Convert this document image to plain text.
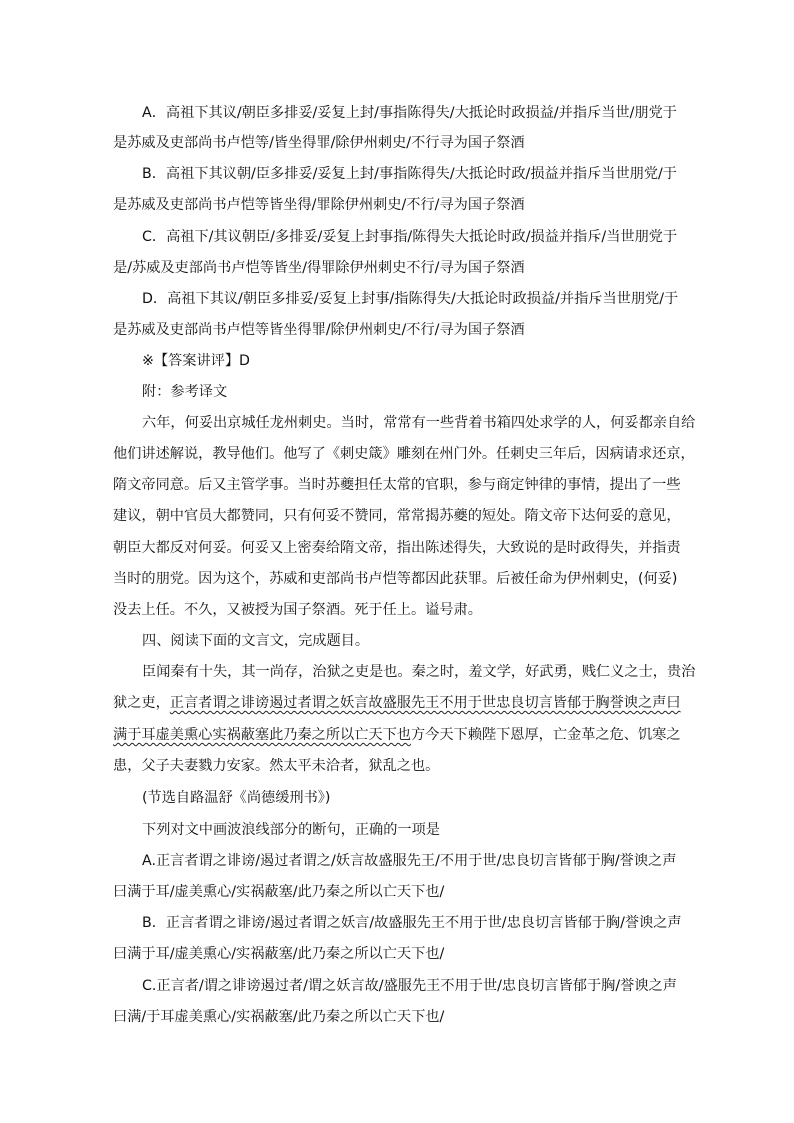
A．高祖下其议/朝臣多排妥/妥复上封/事指陈得失/大抵论时政损益/并指斥当世/朋党于
是苏威及吏部尚书卢恺等/皆坐得罪/除伊州刺史/不行寻为国子祭酒
B．高祖下其议朝/臣多排妥/妥复上封/事指陈得失/大抵论时政/损益并指斥当世朋党/于
是苏威及吏部尚书卢恺等皆坐得/罪除伊州刺史/不行/寻为国子祭酒
C．高祖下/其议朝臣/多排妥/妥复上封事指/陈得失大抵论时政/损益并指斥/当世朋党于
是/苏威及吏部尚书卢恺等皆坐/得罪除伊州刺史不行/寻为国子祭酒
D．高祖下其议/朝臣多排妥/妥复上封事/指陈得失/大抵论时政损益/并指斥当世朋党/于
是苏威及吏部尚书卢恺等皆坐得罪/除伊州刺史/不行/寻为国子祭酒
※【答案讲评】D
附：参考译文
六年，何妥出京城任龙州刺史。当时，常常有一些背着书箱四处求学的人，何妥都亲自给
他们讲述解说，教导他们。他写了《刺史箴》雕刻在州门外。任刺史三年后，因病请求还京，
隋文帝同意。后又主管学事。当时苏夔担任太常的官职，参与商定钟律的事情，提出了一些
建议，朝中官员大都赞同，只有何妥不赞同，常常揭苏夔的短处。隋文帝下达何妥的意见，
朝臣大都反对何妥。何妥又上密奏给隋文帝，指出陈述得失，大致说的是时政得失，并指责
当时的朋党。因为这个，苏威和吏部尚书卢恺等都因此获罪。后被任命为伊州刺史，(何妥)
没去上任。不久，又被授为国子祭酒。死于任上。谥号肃。
四、阅读下面的文言文，完成题目。
臣闻秦有十失，其一尚存，治狱之吏是也。秦之时，羞文学，好武勇，贱仁义之士，贵治
狱之吏，正言者谓之诽谤遏过者谓之妖言故盛服先王不用于世忠良切言皆郁于胸誉谀之声曰
满于耳虚美熏心实祸蔽塞此乃秦之所以亡天下也方今天下赖陛下恩厚，亡金革之危、饥寒之
患，父子夫妻戮力安家。然太平未洽者，狱乱之也。
(节选自路温舒《尚德缓刑书》)
下列对文中画波浪线部分的断句，正确的一项是
A.正言者谓之诽谤/遏过者谓之/妖言故盛服先王/不用于世/忠良切言皆郁于胸/誉谀之声
曰满于耳/虚美熏心/实祸蔽塞/此乃秦之所以亡天下也/
B．正言者谓之诽谤/遏过者谓之妖言/故盛服先王不用于世/忠良切言皆郁于胸/誉谀之声
曰满于耳/虚美熏心/实祸蔽塞/此乃秦之所以亡天下也/
C.正言者/谓之诽谤遏过者/谓之妖言故/盛服先王不用于世/忠良切言皆郁于胸/誉谀之声
曰满/于耳虚美熏心/实祸蔽塞/此乃秦之所以亡天下也/
